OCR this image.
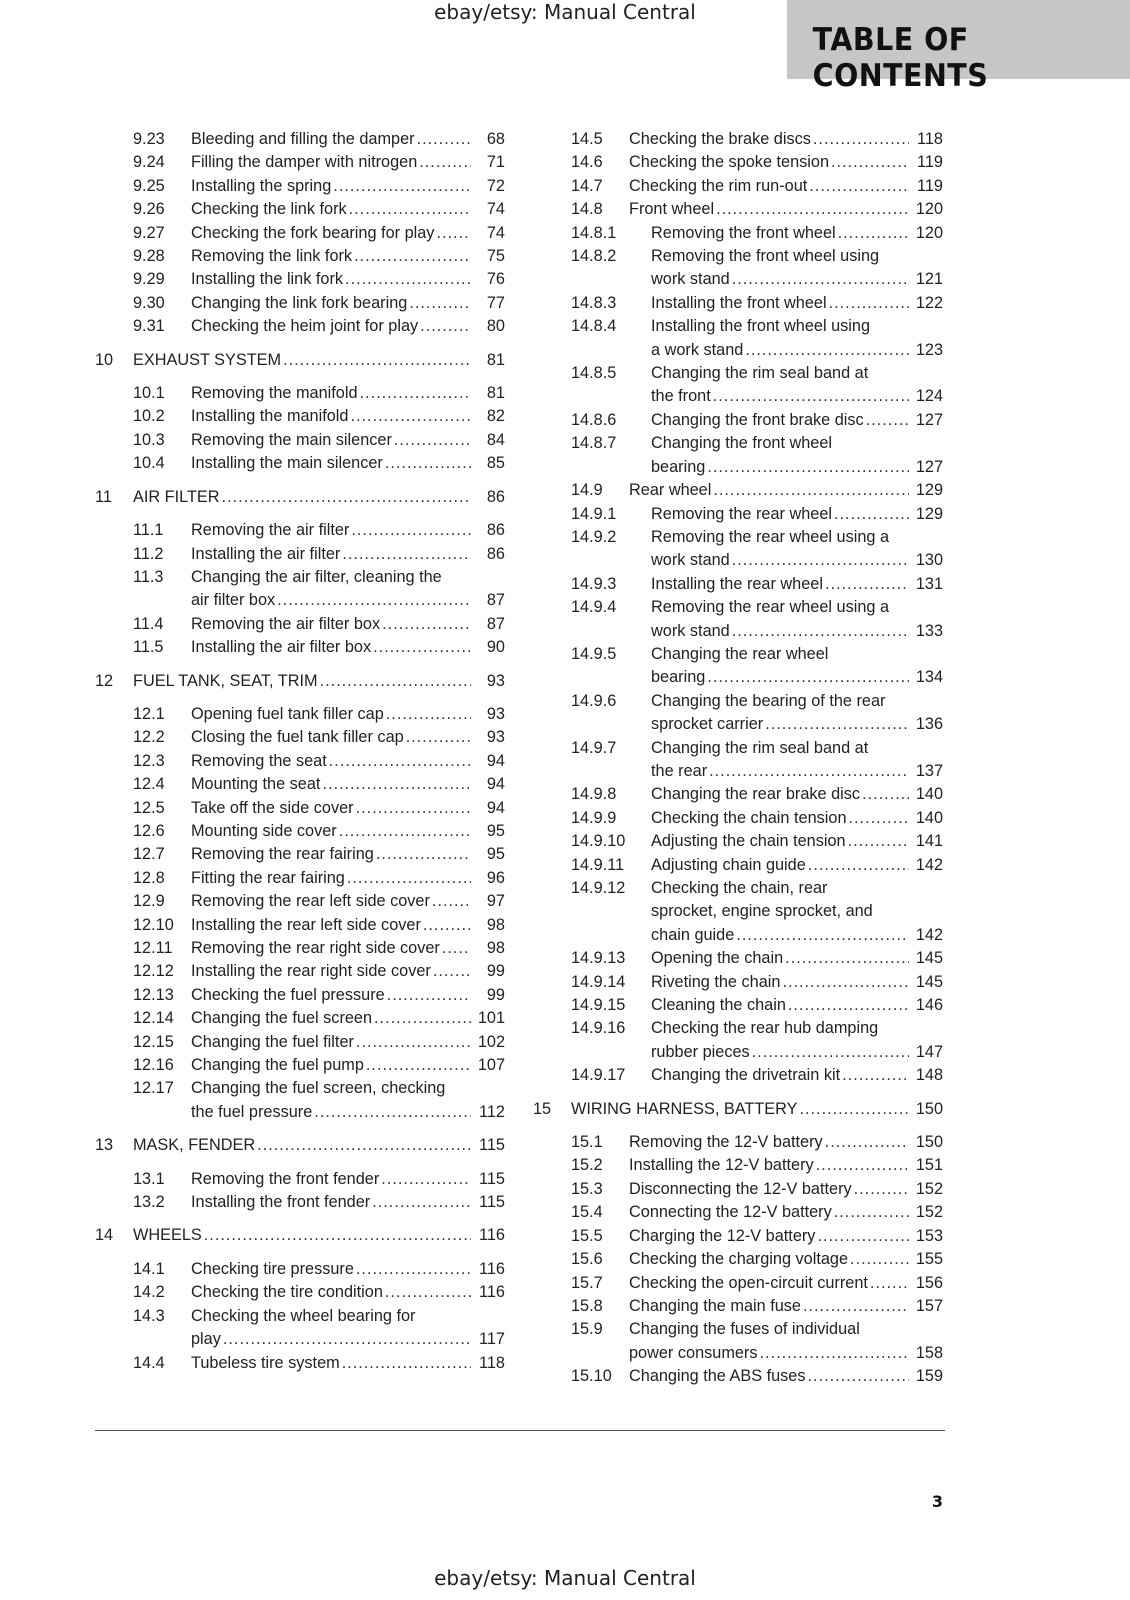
ebay/etsy: Manual Central
TABLE OF CONTENTS
9.23	Bleeding and filling the damper .....	68
9.24	Filling the damper with nitrogen .....	71
9.25	Installing the spring .....	72
9.26	Checking the link fork .....	74
9.27	Checking the fork bearing for play .....	74
9.28	Removing the link fork .....	75
9.29	Installing the link fork .....	76
9.30	Changing the link fork bearing .....	77
9.31	Checking the heim joint for play .....	80
10	EXHAUST SYSTEM .....	81
10.1	Removing the manifold .....	81
10.2	Installing the manifold .....	82
10.3	Removing the main silencer .....	84
10.4	Installing the main silencer .....	85
11	AIR FILTER .....	86
11.1	Removing the air filter .....	86
11.2	Installing the air filter .....	86
11.3	Changing the air filter, cleaning the
air filter box .....	87
11.4	Removing the air filter box .....	87
11.5	Installing the air filter box .....	90
12	FUEL TANK, SEAT, TRIM .....	93
12.1	Opening fuel tank filler cap .....	93
12.2	Closing the fuel tank filler cap .....	93
12.3	Removing the seat .....	94
12.4	Mounting the seat .....	94
12.5	Take off the side cover .....	94
12.6	Mounting side cover .....	95
12.7	Removing the rear fairing .....	95
12.8	Fitting the rear fairing .....	96
12.9	Removing the rear left side cover .....	97
12.10	Installing the rear left side cover .....	98
12.11	Removing the rear right side cover .....	98
12.12	Installing the rear right side cover .....	99
12.13	Checking the fuel pressure .....	99
12.14	Changing the fuel screen .....	101
12.15	Changing the fuel filter .....	102
12.16	Changing the fuel pump .....	107
12.17	Changing the fuel screen, checking
the fuel pressure .....	112
13	MASK, FENDER .....	115
13.1	Removing the front fender .....	115
13.2	Installing the front fender .....	115
14	WHEELS .....	116
14.1	Checking tire pressure .....	116
14.2	Checking the tire condition .....	116
14.3	Checking the wheel bearing for
play .....	117
14.4	Tubeless tire system .....	118
14.5	Checking the brake discs .....	118
14.6	Checking the spoke tension .....	119
14.7	Checking the rim run-out .....	119
14.8	Front wheel .....	120
14.8.1	Removing the front wheel .....	120
14.8.2	Removing the front wheel using
work stand .....	121
14.8.3	Installing the front wheel .....	122
14.8.4	Installing the front wheel using
a work stand .....	123
14.8.5	Changing the rim seal band at
the front .....	124
14.8.6	Changing the front brake disc .....	127
14.8.7	Changing the front wheel
bearing .....	127
14.9	Rear wheel .....	129
14.9.1	Removing the rear wheel .....	129
14.9.2	Removing the rear wheel using a
work stand .....	130
14.9.3	Installing the rear wheel .....	131
14.9.4	Removing the rear wheel using a
work stand .....	133
14.9.5	Changing the rear wheel
bearing .....	134
14.9.6	Changing the bearing of the rear
sprocket carrier .....	136
14.9.7	Changing the rim seal band at
the rear .....	137
14.9.8	Changing the rear brake disc .....	140
14.9.9	Checking the chain tension .....	140
14.9.10	Adjusting the chain tension .....	141
14.9.11	Adjusting chain guide .....	142
14.9.12	Checking the chain, rear
sprocket, engine sprocket, and
chain guide .....	142
14.9.13	Opening the chain .....	145
14.9.14	Riveting the chain .....	145
14.9.15	Cleaning the chain .....	146
14.9.16	Checking the rear hub damping
rubber pieces .....	147
14.9.17	Changing the drivetrain kit .....	148
15	WIRING HARNESS, BATTERY .....	150
15.1	Removing the 12-V battery .....	150
15.2	Installing the 12-V battery .....	151
15.3	Disconnecting the 12-V battery .....	152
15.4	Connecting the 12-V battery .....	152
15.5	Charging the 12-V battery .....	153
15.6	Checking the charging voltage .....	155
15.7	Checking the open-circuit current .....	156
15.8	Changing the main fuse .....	157
15.9	Changing the fuses of individual
power consumers .....	158
15.10	Changing the ABS fuses .....	159
3
ebay/etsy: Manual Central
